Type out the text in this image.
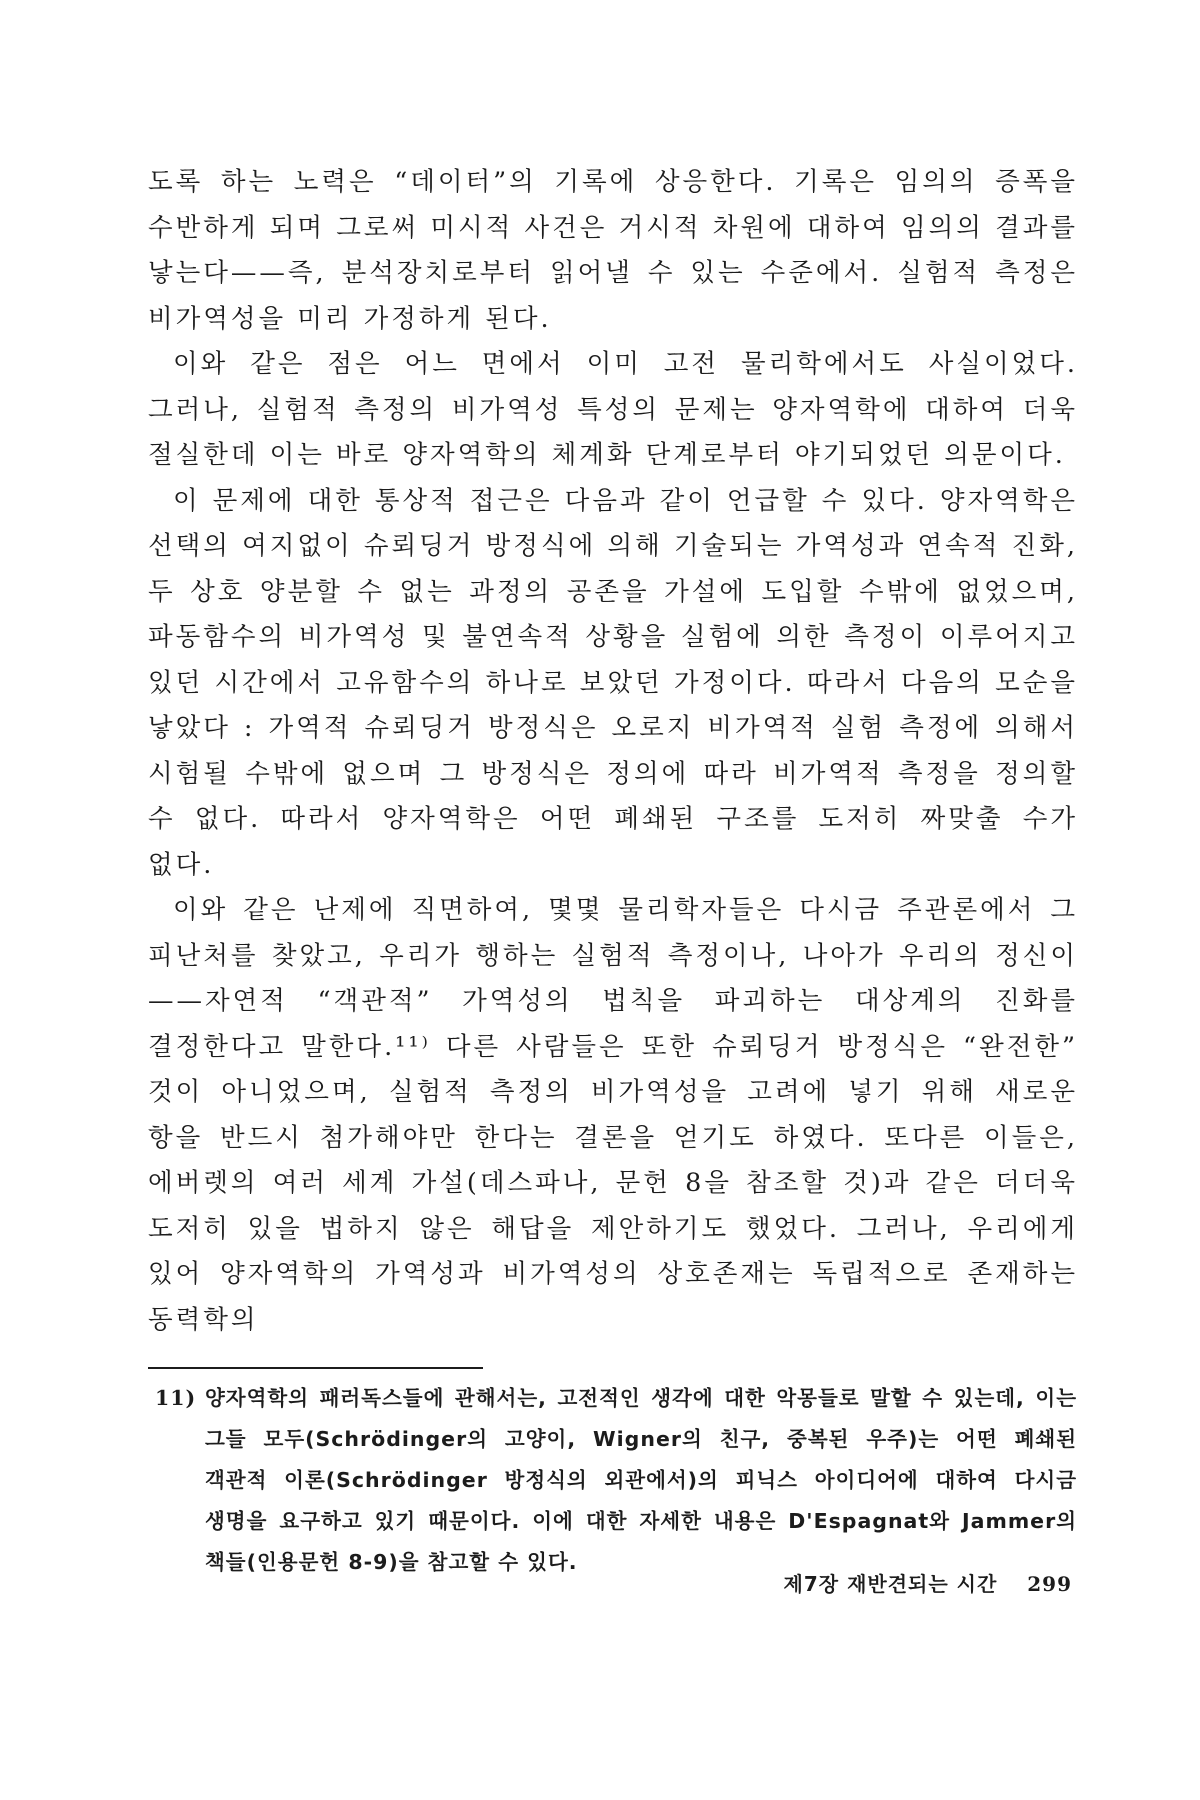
도록 하는 노력은 “데이터”의 기록에 상응한다. 기록은 임의의 증폭을 수반하게 되며 그로써 미시적 사건은 거시적 차원에 대하여 임의의 결과를 낳는다——즉, 분석장치로부터 읽어낼 수 있는 수준에서. 실험적 측정은 비가역성을 미리 가정하게 된다.

이와 같은 점은 어느 면에서 이미 고전 물리학에서도 사실이었다. 그러나, 실험적 측정의 비가역성 특성의 문제는 양자역학에 대하여 더욱 절실한데 이는 바로 양자역학의 체계화 단계로부터 야기되었던 의문이다.

이 문제에 대한 통상적 접근은 다음과 같이 언급할 수 있다. 양자역학은 선택의 여지없이 슈뢰딩거 방정식에 의해 기술되는 가역성과 연속적 진화, 두 상호 양분할 수 없는 과정의 공존을 가설에 도입할 수밖에 없었으며, 파동함수의 비가역성 및 불연속적 상황을 실험에 의한 측정이 이루어지고 있던 시간에서 고유함수의 하나로 보았던 가정이다. 따라서 다음의 모순을 낳았다 : 가역적 슈뢰딩거 방정식은 오로지 비가역적 실험 측정에 의해서 시험될 수밖에 없으며 그 방정식은 정의에 따라 비가역적 측정을 정의할 수 없다. 따라서 양자역학은 어떤 폐쇄된 구조를 도저히 짜맞출 수가 없다.

이와 같은 난제에 직면하여, 몇몇 물리학자들은 다시금 주관론에서 그 피난처를 찾았고, 우리가 행하는 실험적 측정이나, 나아가 우리의 정신이 ——자연적 “객관적” 가역성의 법칙을 파괴하는 대상계의 진화를 결정한다고 말한다.¹¹⁾ 다른 사람들은 또한 슈뢰딩거 방정식은 “완전한” 것이 아니었으며, 실험적 측정의 비가역성을 고려에 넣기 위해 새로운 항을 반드시 첨가해야만 한다는 결론을 얻기도 하였다. 또다른 이들은, 에버렛의 여러 세계 가설(데스파나, 문헌 8을 참조할 것)과 같은 더더욱 도저히 있을 법하지 않은 해답을 제안하기도 했었다. 그러나, 우리에게 있어 양자역학의 가역성과 비가역성의 상호존재는 독립적으로 존재하는 동력학의

11) 양자역학의 패러독스들에 관해서는, 고전적인 생각에 대한 악몽들로 말할 수 있는데, 이는 그들 모두(Schrödinger의 고양이, Wigner의 친구, 중복된 우주)는 어떤 폐쇄된 객관적 이론(Schrödinger 방정식의 외관에서)의 피닉스 아이디어에 대하여 다시금 생명을 요구하고 있기 때문이다. 이에 대한 자세한 내용은 D'Espagnat와 Jammer의 책들(인용문헌 8-9)을 참고할 수 있다.

제7장 재반견되는 시간 299
